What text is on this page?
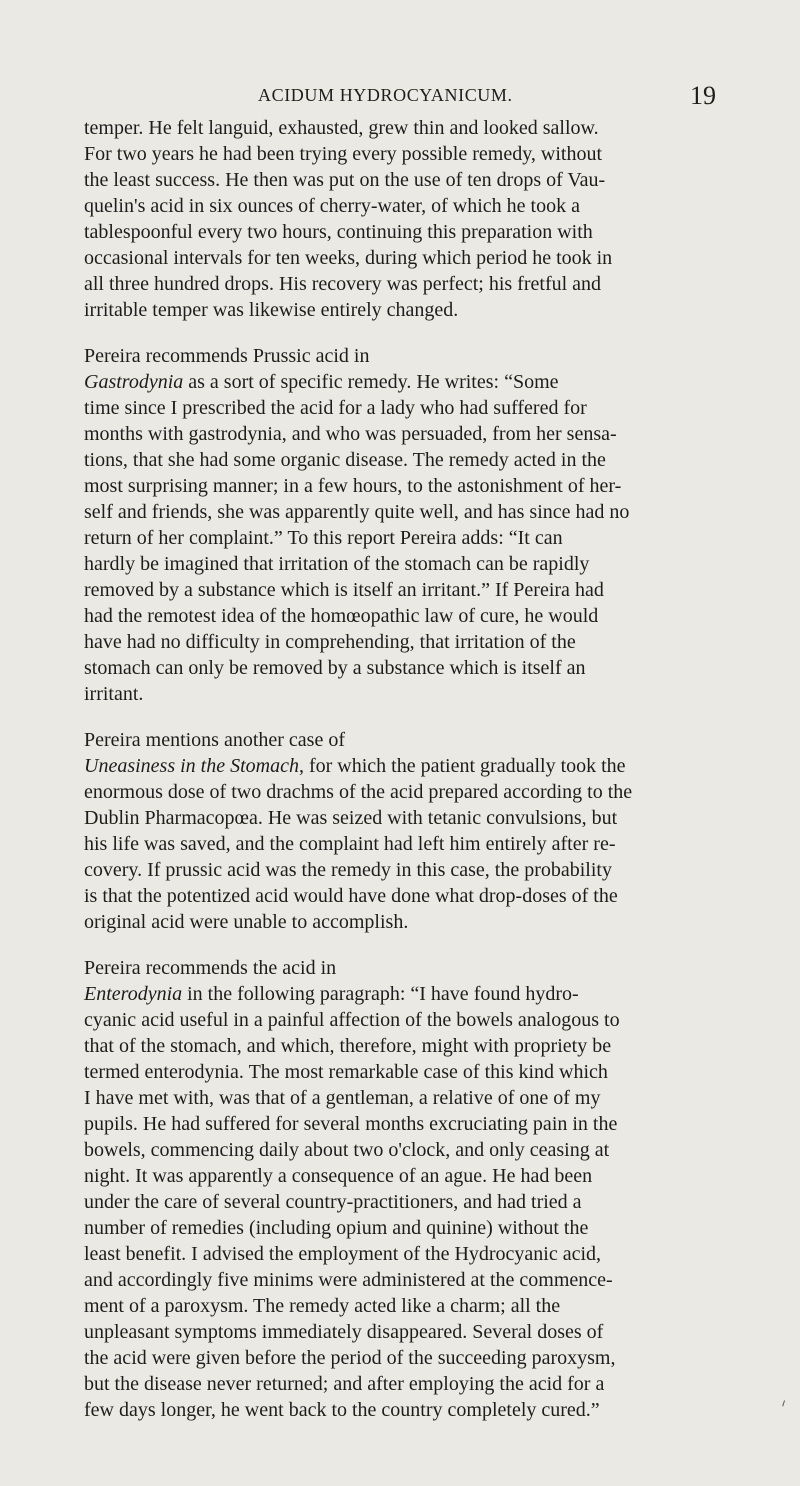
ACIDUM HYDROCYANICUM.	19
temper. He felt languid, exhausted, grew thin and looked sallow.
For two years he had been trying every possible remedy, without
the least success. He then was put on the use of ten drops of Vau-
quelin's acid in six ounces of cherry-water, of which he took a
tablespoonful every two hours, continuing this preparation with
occasional intervals for ten weeks, during which period he took in
all three hundred drops. His recovery was perfect; his fretful and
irritable temper was likewise entirely changed.
Pereira recommends Prussic acid in
Gastrodynia as a sort of specific remedy. He writes: “Some
time since I prescribed the acid for a lady who had suffered for
months with gastrodynia, and who was persuaded, from her sensa-
tions, that she had some organic disease. The remedy acted in the
most surprising manner; in a few hours, to the astonishment of her-
self and friends, she was apparently quite well, and has since had no
return of her complaint.” To this report Pereira adds: “It can
hardly be imagined that irritation of the stomach can be rapidly
removed by a substance which is itself an irritant.” If Pereira had
had the remotest idea of the homœopathic law of cure, he would
have had no difficulty in comprehending, that irritation of the
stomach can only be removed by a substance which is itself an
irritant.
Pereira mentions another case of
Uneasiness in the Stomach, for which the patient gradually took the
enormous dose of two drachms of the acid prepared according to the
Dublin Pharmacopœa. He was seized with tetanic convulsions, but
his life was saved, and the complaint had left him entirely after re-
covery. If prussic acid was the remedy in this case, the probability
is that the potentized acid would have done what drop-doses of the
original acid were unable to accomplish.
Pereira recommends the acid in
Enterodynia in the following paragraph: “I have found hydro-
cyanic acid useful in a painful affection of the bowels analogous to
that of the stomach, and which, therefore, might with propriety be
termed enterodynia. The most remarkable case of this kind which
I have met with, was that of a gentleman, a relative of one of my
pupils. He had suffered for several months excruciating pain in the
bowels, commencing daily about two o'clock, and only ceasing at
night. It was apparently a consequence of an ague. He had been
under the care of several country-practitioners, and had tried a
number of remedies (including opium and quinine) without the
least benefit. I advised the employment of the Hydrocyanic acid,
and accordingly five minims were administered at the commence-
ment of a paroxysm. The remedy acted like a charm; all the
unpleasant symptoms immediately disappeared. Several doses of
the acid were given before the period of the succeeding paroxysm,
but the disease never returned; and after employing the acid for a
few days longer, he went back to the country completely cured.”
